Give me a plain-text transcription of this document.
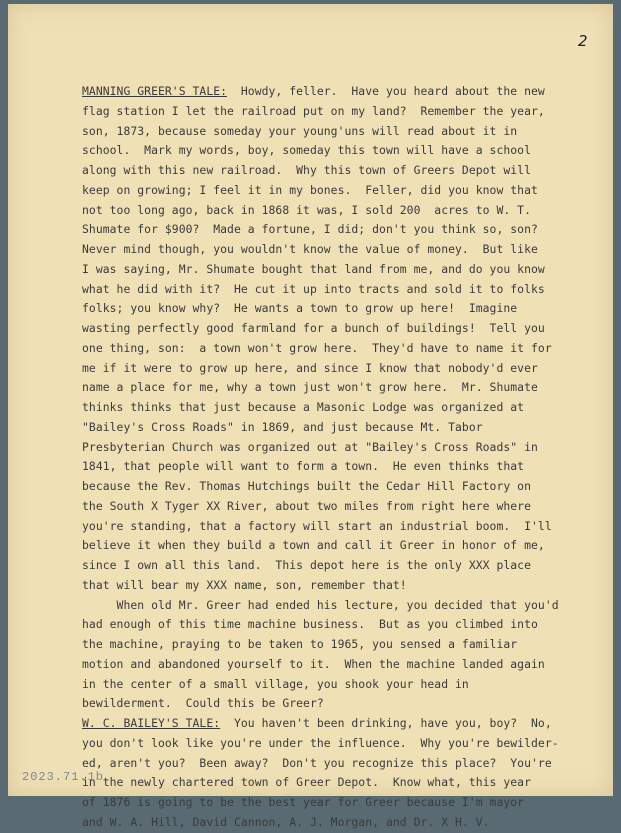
2
MANNING GREER'S TALE:  Howdy, feller.  Have you heard about the new
flag station I let the railroad put on my land?  Remember the year,
son, 1873, because someday your young'uns will read about it in
school.  Mark my words, boy, someday this town will have a school
along with this new railroad.  Why this town of Greers Depot will
keep on growing; I feel it in my bones.  Feller, did you know that
not too long ago, back in 1868 it was, I sold 200  acres to W. T.
Shumate for $900?  Made a fortune, I did; don't you think so, son?
Never mind though, you wouldn't know the value of money.  But like
I was saying, Mr. Shumate bought that land from me, and do you know
what he did with it?  He cut it up into tracts and sold it to folks
folks; you know why?  He wants a town to grow up here!  Imagine
wasting perfectly good farmland for a bunch of buildings!  Tell you
one thing, son:  a town won't grow here.  They'd have to name it for
me if it were to grow up here, and since I know that nobody'd ever
name a place for me, why a town just won't grow here.  Mr. Shumate
thinks thinks that just because a Masonic Lodge was organized at
"Bailey's Cross Roads" in 1869, and just because Mt. Tabor
Presbyterian Church was organized out at "Bailey's Cross Roads" in
1841, that people will want to form a town.  He even thinks that
because the Rev. Thomas Hutchings built the Cedar Hill Factory on
the South X Tyger XX River, about two miles from right here where
you're standing, that a factory will start an industrial boom.  I'll
believe it when they build a town and call it Greer in honor of me,
since I own all this land.  This depot here is the only XXX place
that will bear my XXX name, son, remember that!
When old Mr. Greer had ended his lecture, you decided that you'd
had enough of this time machine business.  But as you climbed into
the machine, praying to be taken to 1965, you sensed a familiar
motion and abandoned yourself to it.  When the machine landed again
in the center of a small village, you shook your head in
bewilderment.  Could this be Greer?
W. C. BAILEY'S TALE:  You haven't been drinking, have you, boy?  No,
you don't look like you're under the influence.  Why you're bewilder-
ed, aren't you?  Been away?  Don't you recognize this place?  You're
in the newly chartered town of Greer Depot.  Know what, this year
of 1876 is going to be the best year for Greer because I'm mayor
and W. A. Hill, David Cannon, A. J. Morgan, and Dr. X H. V.
2023.71.1b
